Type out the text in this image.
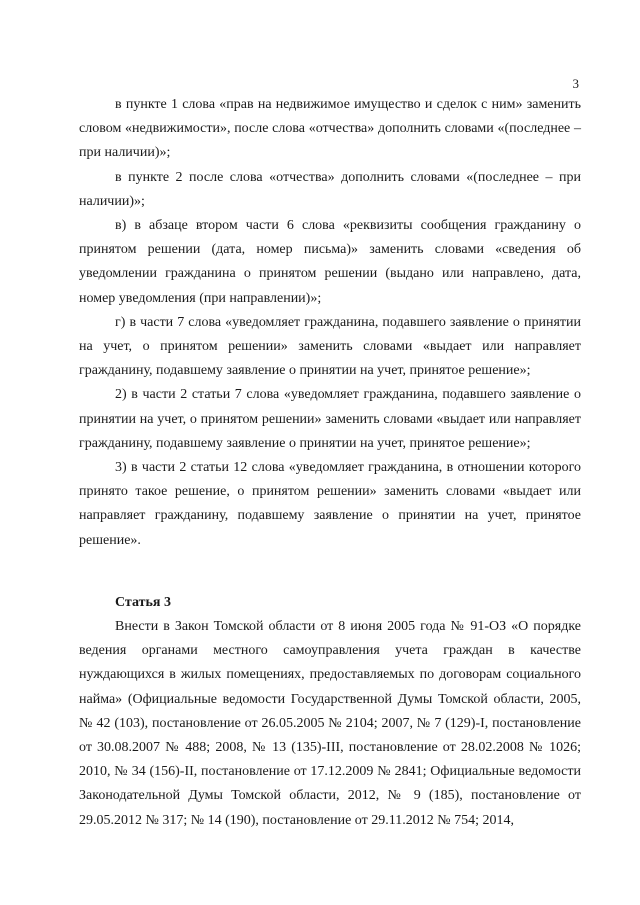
3

в пункте 1 слова «прав на недвижимое имущество и сделок с ним» заменить словом «недвижимости», после слова «отчества» дополнить словами «(последнее – при наличии)»;

в пункте 2 после слова «отчества» дополнить словами «(последнее – при наличии)»;

в) в абзаце втором части 6 слова «реквизиты сообщения гражданину о принятом решении (дата, номер письма)» заменить словами «сведения об уведомлении гражданина о принятом решении (выдано или направлено, дата, номер уведомления (при направлении)»;

г) в части 7 слова «уведомляет гражданина, подавшего заявление о принятии на учет, о принятом решении» заменить словами «выдает или направляет гражданину, подавшему заявление о принятии на учет, принятое решение»;

2) в части 2 статьи 7 слова «уведомляет гражданина, подавшего заявление о принятии на учет, о принятом решении» заменить словами «выдает или направляет гражданину, подавшему заявление о принятии на учет, принятое решение»;

3) в части 2 статьи 12 слова «уведомляет гражданина, в отношении которого принято такое решение, о принятом решении» заменить словами «выдает или направляет гражданину, подавшему заявление о принятии на учет, принятое решение».

Статья 3

Внести в Закон Томской области от 8 июня 2005 года № 91-ОЗ «О порядке ведения органами местного самоуправления учета граждан в качестве нуждающихся в жилых помещениях, предоставляемых по договорам социального найма» (Официальные ведомости Государственной Думы Томской области, 2005, № 42 (103), постановление от 26.05.2005 № 2104; 2007, № 7 (129)-I, постановление от 30.08.2007 № 488; 2008, № 13 (135)-III, постановление от 28.02.2008 № 1026; 2010, № 34 (156)-II, постановление от 17.12.2009 № 2841; Официальные ведомости Законодательной Думы Томской области, 2012, № 9 (185), постановление от 29.05.2012 № 317; № 14 (190), постановление от 29.11.2012 № 754; 2014,
